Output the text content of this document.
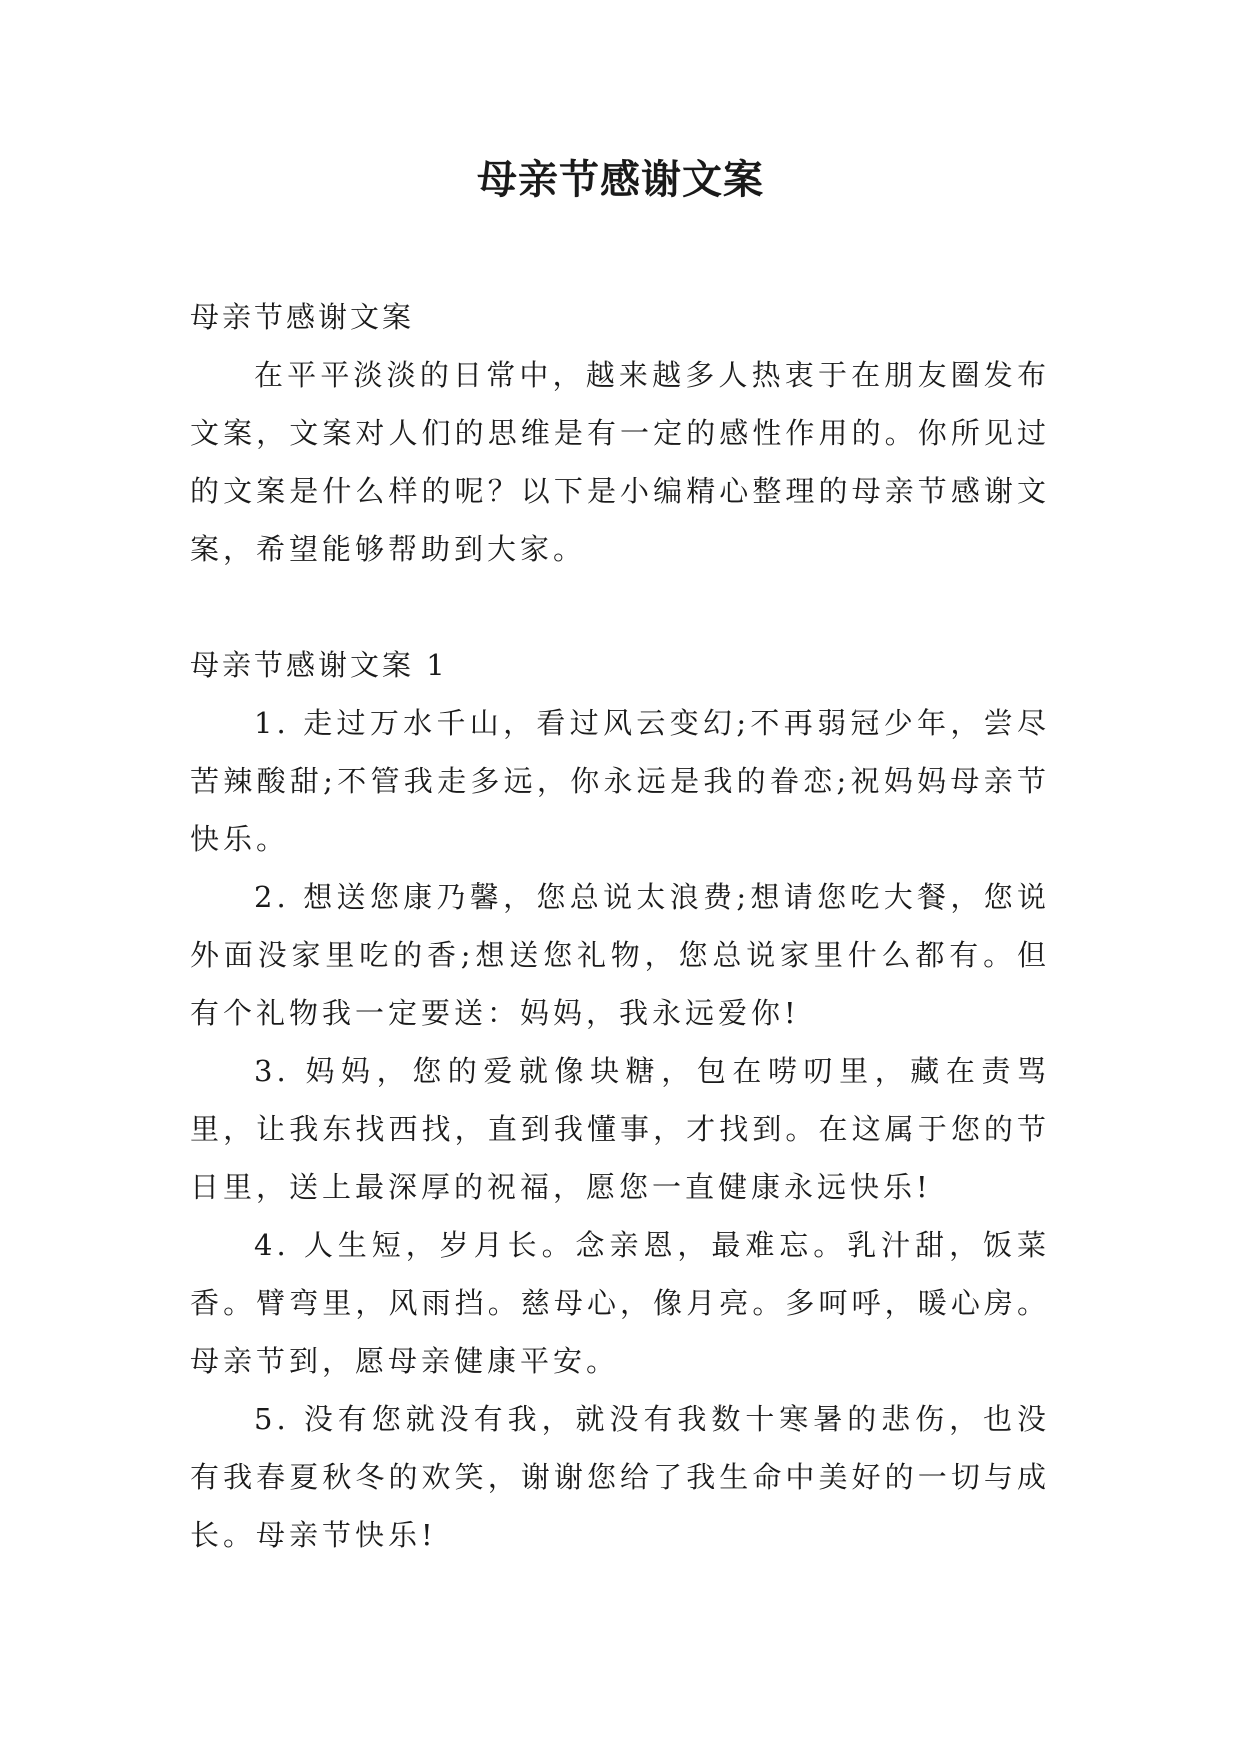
母亲节感谢文案

母亲节感谢文案

在平平淡淡的日常中，越来越多人热衷于在朋友圈发布文案，文案对人们的思维是有一定的感性作用的。你所见过的文案是什么样的呢？以下是小编精心整理的母亲节感谢文案，希望能够帮助到大家。

母亲节感谢文案 1

1. 走过万水千山，看过风云变幻;不再弱冠少年，尝尽苦辣酸甜;不管我走多远，你永远是我的眷恋;祝妈妈母亲节快乐。

2. 想送您康乃馨，您总说太浪费;想请您吃大餐，您说外面没家里吃的香;想送您礼物，您总说家里什么都有。但有个礼物我一定要送：妈妈，我永远爱你!

3. 妈妈，您的爱就像块糖，包在唠叨里，藏在责骂里，让我东找西找，直到我懂事，才找到。在这属于您的节日里，送上最深厚的祝福，愿您一直健康永远快乐!

4. 人生短，岁月长。念亲恩，最难忘。乳汁甜，饭菜香。臂弯里，风雨挡。慈母心，像月亮。多呵呼，暖心房。母亲节到，愿母亲健康平安。

5. 没有您就没有我，就没有我数十寒暑的悲伤，也没有我春夏秋冬的欢笑，谢谢您给了我生命中美好的一切与成长。母亲节快乐!
